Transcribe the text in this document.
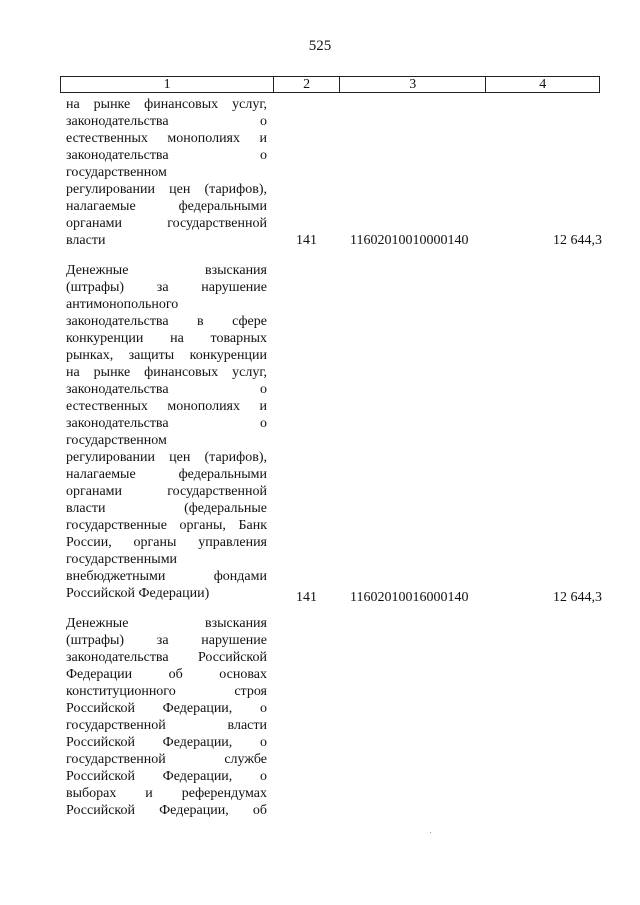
525
1	2	3	4
на рынке финансовых услуг,
законодательства о
естественных монополиях и
законодательства о
государственном
регулировании цен (тарифов),
налагаемые федеральными
органами государственной
власти	141 11602010010000140	12 644,3
Денежные взыскания
(штрафы) за нарушение
антимонопольного
законодательства в сфере
конкуренции на товарных
рынках, защиты конкуренции
на рынке финансовых услуг,
законодательства о
естественных монополиях и
законодательства о
государственном
регулировании цен (тарифов),
налагаемые федеральными
органами государственной
власти (федеральные
государственные органы, Банк
России, органы управления
государственными
внебюджетными фондами
Российской Федерации)	141 11602010016000140	12 644,3
Денежные взыскания
(штрафы) за нарушение
законодательства Российской
Федерации об основах
конституционного строя
Российской Федерации, о
государственной власти
Российской Федерации, о
государственной службе
Российской Федерации, о
выборах и референдумах
Российской Федерации, об
